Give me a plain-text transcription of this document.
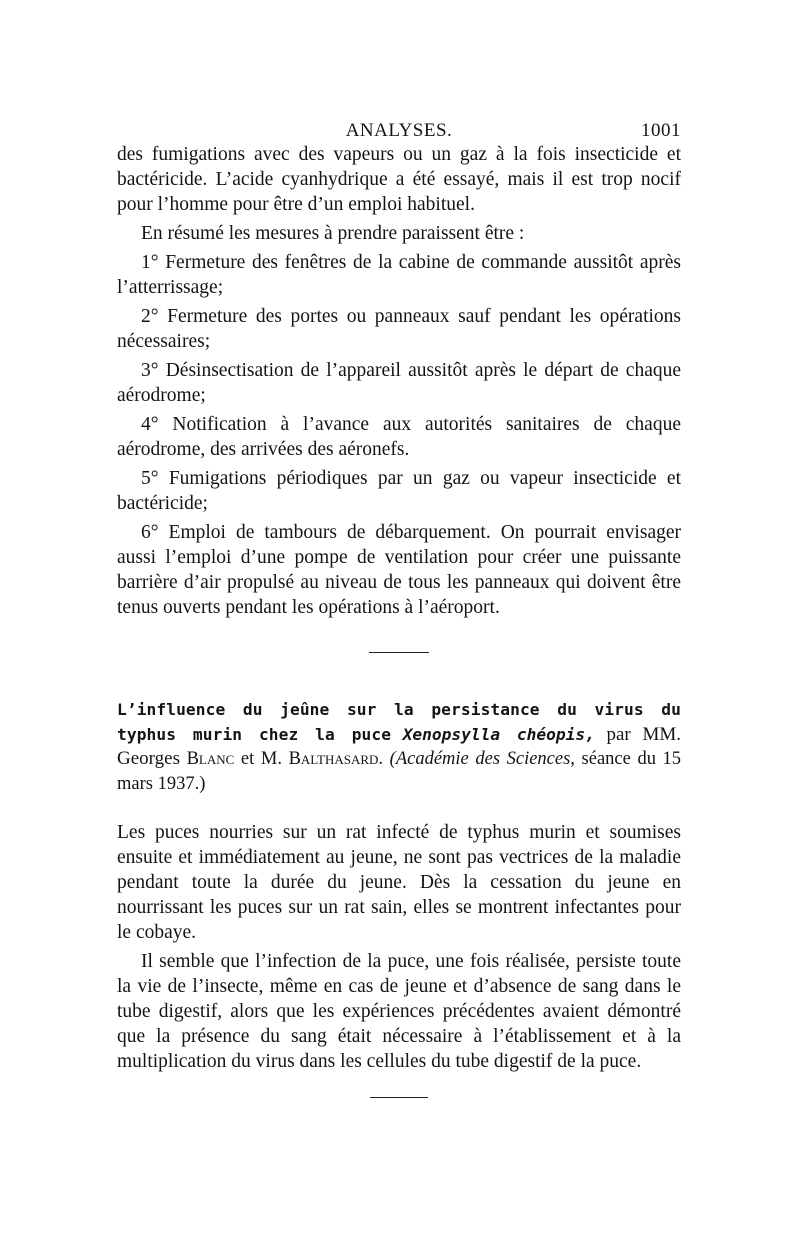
ANALYSES.	1001

des fumigations avec des vapeurs ou un gaz à la fois insecticide et bactéricide. L’acide cyanhydrique a été essayé, mais il est trop nocif pour l’homme pour être d’un emploi habituel.

En résumé les mesures à prendre paraissent être :

1° Fermeture des fenêtres de la cabine de commande aussitôt après l’atterrissage;

2° Fermeture des portes ou panneaux sauf pendant les opérations nécessaires;

3° Désinsectisation de l’appareil aussitôt après le départ de chaque aérodrome;

4° Notification à l’avance aux autorités sanitaires de chaque aérodrome, des arrivées des aéronefs.

5° Fumigations périodiques par un gaz ou vapeur insecticide et bactéricide;

6° Emploi de tambours de débarquement. On pourrait envisager aussi l’emploi d’une pompe de ventilation pour créer une puissante barrière d’air propulsé au niveau de tous les panneaux qui doivent être tenus ouverts pendant les opérations à l’aéroport.

L’influence du jeûne sur la persistance du virus du typhus murin chez la puce Xenopsylla chéopis, par MM. Georges Blanc et M. Balthasard. (Académie des Sciences, séance du 15 mars 1937.)

Les puces nourries sur un rat infecté de typhus murin et soumises ensuite et immédiatement au jeune, ne sont pas vectrices de la maladie pendant toute la durée du jeune. Dès la cessation du jeune en nourrissant les puces sur un rat sain, elles se montrent infectantes pour le cobaye.

Il semble que l’infection de la puce, une fois réalisée, persiste toute la vie de l’insecte, même en cas de jeune et d’absence de sang dans le tube digestif, alors que les expériences précédentes avaient démontré que la présence du sang était nécessaire à l’établissement et à la multiplication du virus dans les cellules du tube digestif de la puce.
